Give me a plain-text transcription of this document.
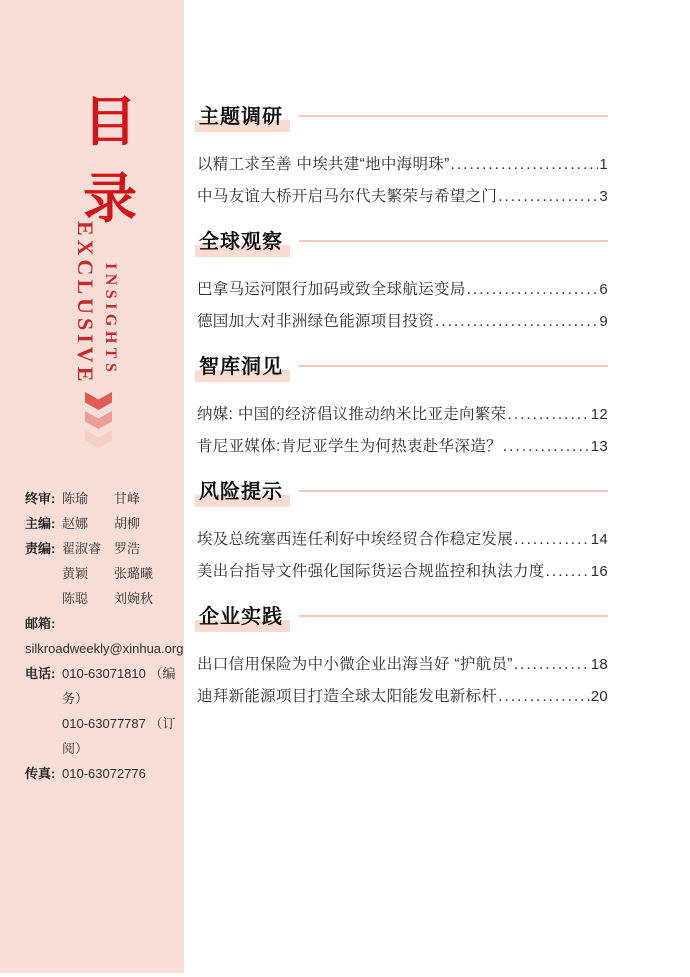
目
录
INSIGHTS
EXCLUSIVE
终审: 陈瑜	甘峰
主编: 赵娜	胡柳
责编: 翟淑睿 罗浩
黄颖	张璐曦
陈聪	刘婉秋
邮箱:
silkroadweekly@xinhua.org
电话: 010-63071810 （编务）
010-63077787 （订阅）
传真: 010-63072776
主题调研
以精工求至善 中埃共建“地中海明珠” .....	1
中马友谊大桥开启马尔代夫繁荣与希望之门 .....	3
全球观察
巴拿马运河限行加码或致全球航运变局 .....	6
德国加大对非洲绿色能源项目投资 .....	9
智库洞见
纳媒: 中国的经济倡议推动纳米比亚走向繁荣 .....	12
肯尼亚媒体:肯尼亚学生为何热衷赴华深造？ .....	13
风险提示
埃及总统塞西连任利好中埃经贸合作稳定发展 .....	14
美出台指导文件强化国际货运合规监控和执法力度 .....	16
企业实践
出口信用保险为中小微企业出海当好 “护航员” .....	18
迪拜新能源项目打造全球太阳能发电新标杆 .....	20
